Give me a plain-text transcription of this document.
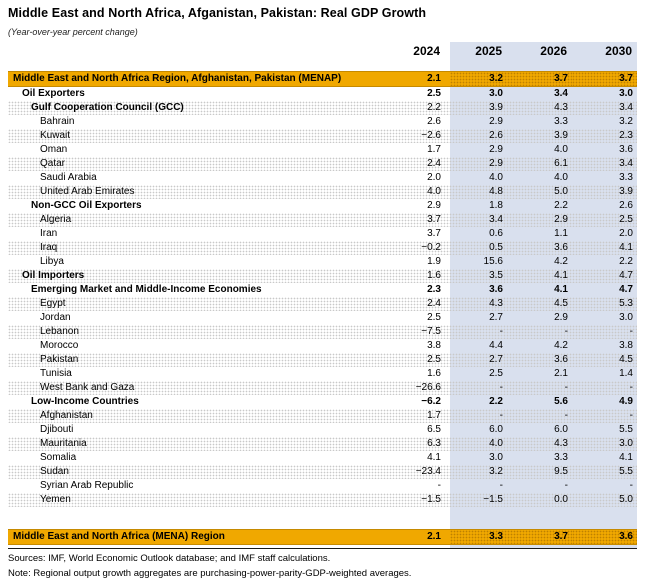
Middle East and North Africa, Afganistan, Pakistan: Real GDP Growth
(Year-over-year percent change)
2024	2025	2026	2030
Middle East and North Africa Region, Afghanistan, Pakistan (MENAP)	2.1	3.2	3.7	3.7
Oil Exporters	2.5	3.0	3.4	3.0
Gulf Cooperation Council (GCC)	2.2	3.9	4.3	3.4
Bahrain	2.6	2.9	3.3	3.2
Kuwait	−2.6	2.6	3.9	2.3
Oman	1.7	2.9	4.0	3.6
Qatar	2.4	2.9	6.1	3.4
Saudi Arabia	2.0	4.0	4.0	3.3
United Arab Emirates	4.0	4.8	5.0	3.9
Non-GCC Oil Exporters	2.9	1.8	2.2	2.6
Algeria	3.7	3.4	2.9	2.5
Iran	3.7	0.6	1.1	2.0
Iraq	−0.2	0.5	3.6	4.1
Libya	1.9	15.6	4.2	2.2
Oil Importers	1.6	3.5	4.1	4.7
Emerging Market and Middle-Income Economies	2.3	3.6	4.1	4.7
Egypt	2.4	4.3	4.5	5.3
Jordan	2.5	2.7	2.9	3.0
Lebanon	−7.5	-	-	-
Morocco	3.8	4.4	4.2	3.8
Pakistan	2.5	2.7	3.6	4.5
Tunisia	1.6	2.5	2.1	1.4
West Bank and Gaza	−26.6	-	-	-
Low-Income Countries	−6.2	2.2	5.6	4.9
Afghanistan	1.7	-	-	-
Djibouti	6.5	6.0	6.0	5.5
Mauritania	6.3	4.0	4.3	3.0
Somalia	4.1	3.0	3.3	4.1
Sudan	−23.4	3.2	9.5	5.5
Syrian Arab Republic	-	-	-	-
Yemen	−1.5	−1.5	0.0	5.0
Middle East and North Africa (MENA) Region	2.1	3.3	3.7	3.6
Sources: IMF, World Economic Outlook database; and IMF staff calculations.
Note: Regional output growth aggregates are purchasing-power-parity-GDP-weighted averages.
